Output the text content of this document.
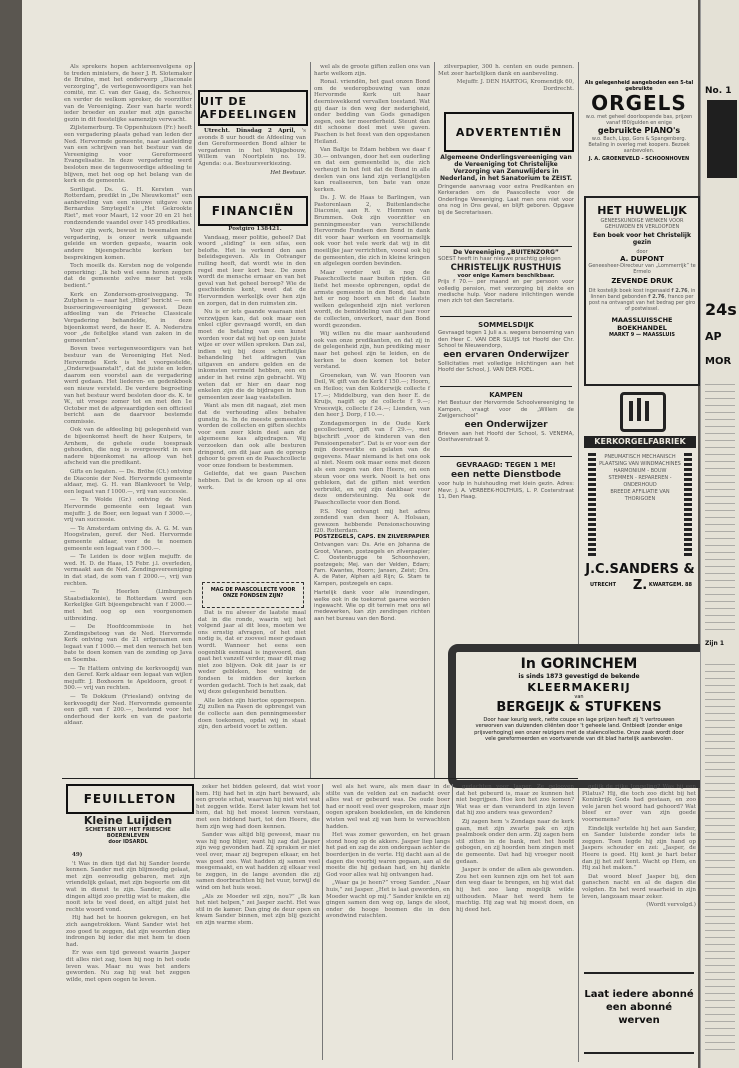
Als sprekers hopen achtereenvolgens op te treden ministers, de heer J. R. Slotemaker de Bruïne, met het onderwerp „Diaconale verzorging”, de vertegenwoordigers van het comité, mr. C. van der Gaag, ds. Scheeres, en verder de welkom spreker, de voorzitter van de Vereeniging. Zeer van harte wordt ieder broeder en zuster met zijn gansche gezin in dit feestelijke samenzijn verwacht.

Zijlstemerburg. Te Oppenhuizen (Fr.) heeft een vergadering plaats gehad van leden der Ned. Hervormde gemeente, naar aanleiding van een schrijven van het bestuur van de Vereeniging voor Gereformeerd Evangelisatie. In deze vergadering werd besloten mee de tegenwoordige afdeeling te blijven, met het oog op het belang van de kerk en de gemeente.

Soriligat. Ds. G. H. Kersten van Rotterdam, predikt in „De Nieuwkomst” een aanbeveling van een nieuwe uitgave van Bernardus Smytegelt's „Het Gekrookte Riet”, met voor Maart, 12 voor 20 en 21 het rondzendende vaandel over 145 predikaties.

Voor zijn werk, bewust in tweemalen met vergadering, is onzer werk uitgaande geleide en worden gepaste, waarin ook andere bijeengebrachte kerken ter besprekingen komen.

Toch moeilk ds. Kersten nog de volgende opmerking: „Ik heb wel eens horen zeggen dat de gemeente zelve meer het volk bedient.”

Kerk en Zondersom-groeiveggang. Te Zutphen is — naar het „Hbld” bericht — een busroeringsvereeniging geweest. Deze afdeeling van de Friesche Classicale Vergadering behandelde, in deze bijeenkomst werd, de heer E. A. Nederstra voor „de feitelijke stand van zaken in de gemeenten”.

Boven twee vertegenwoordigers van het bestuur van de Vereeniging Het Ned. Hervormde Kerk is het voorgestelde, „Onderwijsaanstalt”, dat de juiste en leden daarom een voorstel aan de vergadering werd gedaan. Het liederen- en gedenkboek een nieuw versteld. De verdere begroeting van het bestuur werd besloten door ds. K. te W., uit vroege zomer tot en met den 1e October met de afgevaardigden een officieel bericht aan de daarvoor bestemde commissie.

Ook van de afdeeling bij gelegenheid van de bijeenkomst heeft de heer Kuipers, te Arnhem, de gehele oude toespraak gehouden, die nog is overgewerkt in een nadere bijeenkomst na afloop van het afscheid van die predikant.

Gifts en legaten. — Ds. Bröhe (Ct.) ontving de Diaconie der Ned. Hervormde gemeente aldaar, mej. G. H. van Blankvoort te Velp, een legaat van f 1000.—, vrij van successie.

— Te Wolde (Gr.) ontving de Ned. Hervormde gemeente een legaat van mejuffr. J. de Boer, een legaat van f 3000.—, vrij van successie.

— Te Amsterdam ontving ds. A. G. M. van Hoogstraten, geref. der Ned. Hervormde gemeente aldaar, voor de te noemen gemeente een legaat van f 500.—.

— Te Leiden is door wijlen mejuffr. de wed. H. D. de Haas, 15 Febr. j.l. overleden, vermaakt aan de Ned. Zendingsvereeniging in dat stad, de som van f 2000.—, vrij van rechten.

— Te Heerlen (Limburgsch Staatsdiakonie), te Rotterdam werd een Kerkelijke Gift bijeengebracht van f 2000.— met het oog op een voorgenomen uitbreiding.

— De Hoofdcommissie in het Zendingsbetoog van de Ned. Hervormde Kerk ontving van de 21 erfgenamen een legaat van f 1000.— met den wensch het ten bate te doen komen van de zending op Java en Soemba.

— Te Hattem ontving de kerkvoogdij van den Geref. Kerk aldaar een legaat van wijlen mejuffr. J. Boxhoorn te Apeldoorn, groot f 500.— vrij van rechten.

— Te Dokkum (Friesland) ontving de kerkvoogdij der Ned. Hervormde gemeente een gift van f 200.—, bestemd voor het onderhoud der kerk en van de pastorie aldaar.

UIT DE AFDEELINGEN

Utrecht. Dinsdag 2 April, 's avonds 8 uur houdt de Afdeeling van den Gereformeerden Bond alhier te vergaderen in het Wijkgebouw, Willem van Noortplein no. 19. Agenda: o.a. Bestuursverkiezing.

Het Bestuur.

FINANCIËN

Postgiro 138421.

Vandaag, meer politie, geheel? Dat woord „sliding” is een sifas, een belofte. Het is verkend den aan beleidsgegeven. Als in Ootvanger ruiling heeft, dat wordt wie in den regel met leer kort bez. De zoon wordt de mensche ernaar en van het geval van het geheel beroep? Wie de geschiedenis kent, weet dat de Hervormden werkelijk over hen zijn en zorgen, dat in den ruimsten zin.

Nu is er iets gaande waaraan niet verzwijgen kan, dat ook maar een enkel cijfer gevraagd wordt, en dan moet de betaling van een kunst worden voor dat wij het op een juiste wijze er over willen spreken. Dan zal, indien wij bij deze schriftelijke behandeling het afdragen van uitgaven en andere gelden en de inkomsten vermeld hebben, een en ander in het reine zijn gebracht. Wij weten dat er hier en daar nog enkelen zijn die de bijdragen in hun gemeenten zeer laag vaststellen.

Want als men dit nagaat, ziet men dat de verhouding alles behalve gunstig is. In de meeste gemeenten worden de collecten en giften slechts voor een zeer klein deel aan de algemeene kas afgedragen. Wij verzoeken dan ook alle besturen dringend, om dit jaar aan de oproep gehoor te geven en de Paaschcollecte voor onze fondsen te bestemmen.

Geliefde, dat we gaan Paschen hebben. Dat is de kroon op al ons werk.

MAG DE PAASCOLLECTE VOOR ONZE FONDSEN ZIJN?

Dat is nu alweer de laatste maal dat in die ronde, waarin wij het volgend jaar al dit lees, moeten we ons ernstig afvragen, of het niet nodig is, dat er zooveel meer gedaan wordt. Wanneer het eens een oogenblik eenmaal is ingevoerd, dan gaat het vanzelf verder, maar dit mag niet zoo blijven. Ook dit jaar is er weder gebleken, hoe weinig de fondsen te midden der kerken worden gedacht. Toch is het zaak, dat wij deze gelegenheid benutten.

Alle leden zijn hiertoe opgeroepen. Zij zullen na Pasen de opbrengst van de collecte aan den penningmeester doen toekomen, opdat wij in staat zijn, den arbeid voort te zetten.

wel als de groote giften zullen ons van harte welkom zijn.

Ronal. vriendën, het gaat onzen Bond om de wederopbouwing van onze Hervormde Kerk uit haar deerniswekkend vervallen toestand. Wat gij daar is den weg der nederigheid, onder bedding van Gods genadigen zegen, ook ter meerderheid. Steunt dan dit schoone doel met uwe gaven. Paschen is het feest van den opgestanen Heiland.

Van Baltje te Edam hebben we daar f 30.— ontvangen, door het een ouderling en dat een gemeentelid is, die zich verheugt in het feit dat de Bond in alle deelen van ons land zijn verlanglijsten kan realiseeren, ten bate van onze kerken.

Ds. J. W. de Haas te Barlingen, van Pastorenlaan 2, Buitenlandsche Diaconie, aan R. v. Hemmen van Brummen. Ook zijn voorzitter en penningmeester van verschillende Hervormde Fondsen den Bond in dank dit voor haar werken en voornamelijk ook voor het vele werk dat wij in dit moeilijke jaar verrichtten, vooral ook bij de gemeenten, die zich in kleine kringen en afgelegen oorden bevinden.

Maar verder wil ik nog de Paaschcollecte naar buiten rijden. Gil liefst het meeste opbrengen, opdat de armste gemeente in den Bond, dat hun het er nog hoort en het de laatste welken gelegenheid zijn niet verloren wordt, de bemiddeling van dit jaar voor de collecten, onverkort, naar den Bond wordt gezonden.

Wij willen nu die maar aanhoudend ook van onze predikanten, en dat zij in de gelegenheid zijn, hun prediking meer naar het geheel zijn te leiden, en de kerken te doen komen tot beter verstand.

Groenekan, van W. van Hooren van Deil, W. gift van de Kerk f 150.—; Hoorn, en Heiloo; van den Kolderwijk collecte f 17.—; Middelburg, van den heer E. de Kruijs, nagift op de collecte f 9.—; Vreeswijk, collecte f 24.—; Lienden, van den heer J. Dorp, f 10.—.

Zondagsmorgen in de Oude Kerk gecollecteerd, gift van f 29.—, met bijschrift „voor de kinderen van den Pensioenpenster”. Dat is er voor een der mijn doorwerkte en gelaten van de gegevens. Maar niemand is het ons ook al niet. Neem ook maar eens met dezen als een zegen van den Heere, en een steun voor ons werk. Nooit is het ons gebleken, dat de giften niet werden verbruikt, en wij zijn dankbaar voor deze ondersteuning. Nu ook de Paaschcollecte voor den Bond.

P.S. Nog ontvangt mij het adres zendend van den heer A. Holsaan, gewezen hebbende Pensionschouwing f20. Rotterdam.

POSTZEGELS, CAPS. EN ZILVERPAPIER
Ontvangen van: Ds. Arie en Johanna de Groot, Vianen, postzegels en zilverpapier; C. Oostenbrugge te Schoonhoven, postzegels; Mej. van der Velden, Edam; Fam. Kwantes, Hoorn; Jansen, Zeist; Drs. A. de Pater, Alphen a/d Rijn; G. Stam te Kampen, postzegels en caps.
Hartelijk dank voor alle inzendingen, welke ook in de toekomst gaarne worden ingewacht. Wie op dit terrein met ons wil medewerken, kan zijn zendingen richten aan het bureau van den Bond.

zilverpapier, 300 h. centen en oude pennen. Met zeer hartelijken dank en aanbeveling.

Mejuffr. J. DEN HARTOG, Kromendijk 60, Dordrecht.

ADVERTENTIËN
Algemeene Onderlingsvereeniging van de Vereeniging tot Christelijke Verzorging van Zenuwlijders in Nederland, in het Sanatorium te ZEIST.
Dringende aanvraag voor extra Predikanten en Kerkeraden om de Paascollecte voor de Onderlinge Vereeniging. Laat men ons niet voor ons nog in Ons geval, en blijft geboren. Opgave bij de Secretarissen.
De Vereeniging „BUITENZORG”
SOEST heeft in haar nieuwe prachtig gelegen
CHRISTELIJK RUSTHUIS
voor enige Kamers beschikbaar.
Prijs f 70.— per maand en per persoon voor volledig pension, met verzorging bij ziekte en medische hulp. Voor nadere inlichtingen wende men zich tot den Secretaris.
SOMMELSDIJK
Gevraagd tegen 1 Juli a.s. wegens benoeming van den Heer C. VAN DER SLUIJS tot Hoofd der Chr. School te Nieuwendorp,
een ervaren Onderwijzer
Sollicitaties met volledige inlichtingen aan het Hoofd der School, J. VAN DER POEL.
KAMPEN
Het Bestuur der Hervormde Schoolvereeniging te Kampen, vraagt voor de „Willem de Zwijgerschool”
een Onderwijzer
Brieven aan het Hoofd der School, S. VENEMA, Oosthavenstraat 9.
GEVRAAGD: TEGEN 1 ME!
een nette Dienstbode
voor hulp in huishouding met klein gezin. Adres: Mevr. J. A. VERBEEK-HOLTHUIS, L. P. Costerstraat 11, Den Haag.
Als gelegenheid aangeboden een 5-tal gebruikte
ORGELS
w.o. met geheel doorloopende bas, prijzen vanaf f80/gulden en enige
gebruikte PIANO's
w.o. Bach, Lipp, Gors & Spangenberg. Betaling in overleg met koopers. Bezoek aanbevolen.
J. A. GROENEVELD - SCHOONHOVEN
HET HUWELIJK
GENEESKUNDIGE WENKEN VOOR GEHUWDEN EN VERLOOFDEN
Een boek voor het Christelijk gezin
door
A. DUPONT
Geneesheer-Directeur van „Lommerrijk” te Ermelo
ZEVENDE DRUK
Dit kostelijk boek kost ingenaaid f 2.76, in linnen band gebonden f 2.76, franco per post na ontvangst van het bedrag per giro of postwissel.
MAASSLUISSCHE BOEKHANDEL
MARKT 9 — MAASSLUIS
KERKORGELFABRIEK
PNEUMATISCH MECHANISCH
PLAATSING VAN WINDMACHINES
HARMONIUM - BOUW
STEMMEN - REPAREREN - ONDERHOUD
BREEDE AFFILIATIE VAN THORIGOEN
J.C.SANDERS & Z.
UTRECHT	KWARTGEM. 88
In GORINCHEM
is sinds 1873 gevestigd de bekende
KLEERMAKERIJ
van
BERGEIJK & STUFKENS
Door haar keurig werk, nette coupe en lage prijzen heeft zij 't vertrouwen verworven van duizenden cliënten door 't geheele land. Ontbiedt (zonder enige prijsverhoging) een onzer reizigers met de stalencollectie. Onze zaak wordt door vele gereformeerden en voortvarende van dit blad hartelijk aanbevolen.
FEUILLETON
Kleine Luijden
SCHETSEN UIT HET FRIESCHE BOERENLEVEN
door IDSARDL

49)

't Was in dien tijd dat hij Sander leerde kennen. Sander met zijn blijmoedig gelaat, met zijn eenvoudig gebaren, met zijn vriendelijk gelaat, met zijn begeerte om dit wat in dienst te zijn. Sander, die alle dingen altijd zoo prettig wist te maken, die nooit iets te veel deed, en altijd juist het rechte woord vond.

Hij had het te hooren gekregen, en het zich aangetrokken. Want Sander wist het zoo goed te zeggen, dat zijn woorden diep indrongen bij ieder die met hem te doen had.

Er was een tijd geweest waarin Jasper dit alles niet zag, toen hij nog in het oude leven was. Maar nu was het anders geworden. Nu zag hij wat het zeggen wilde, met open oogen te leven.

zeker het bidden geleerd, dat wist voor hem. Hij had het in zijn hart bewaard, als een groote schat, waarvan hij niet wist wat het zeggen wilde. Eerst later kwam het tot hem, dat hij het moest leeren verstaan, met een biddend hart, tot den Heere, die hem zijn weg had doen kennen.

Sander was altijd blij geweest, maar nu was hij nog blijer, want hij zag dat Jasper zijn weg gevonden had. Zij spraken er niet veel over, maar zij begrepen elkaar, en het was goed zoo. Wat hadden zij samen veel meegemaakt, en wat hadden zij elkaar veel te zeggen, in de lange avonden die zij samen doorbrachten bij het vuur, terwijl de wind om het huis woei.

„Als ze Moeder wil zijn, nou?” „Ik kan het niet helpen,” zei Jasper zacht. Het was stil in de kamer. Dan ging de deur open en kwam Sander binnen, met zijn blij gezicht en zijn warme stem.

wel als het ware, als men daar in de stilte van de velden zat en nadacht over alles wat er gebeurd was. De oude boer had er nooit veel over gesproken, maar zijn oogen spraken boekdeelen, en de kinderen wisten wel wat zij van hem te verwachten hadden.

Het was zomer geworden, en het graan stond hoog op de akkers. Jasper liep langs het pad en zag de zon ondergaan achter de boerderijen in de verte. Hij dacht aan al de dagen die voorbij waren gegaan, aan al de moeite die hij gedaan had, en hij dankte God voor alles wat hij ontvangen had.

„Waar ga je heen?” vroeg Sander. „Naar huis,” zei Jasper. „Het is laat geworden, en Moeder wacht op mij.” Sander knikte en zij gingen samen den weg op, langs de sloot, onder de hooge boomen die in den avondwind ruischten.

gedachten voor Jasper. Ze gelooven dat het gebeurd is, maar ze kunnen het niet begrijpen. Hoe kon het zoo komen? Wat was er dan veranderd in zijn leven dat hij zoo anders was geworden?

Zij zagen hem 's Zondags naar de kerk gaan, met zijn zwarte pak en zijn psalmboek onder den arm. Zij zagen hem stil zitten in de bank, met het hoofd gebogen, en zij hoorden hem zingen met de gemeente. Dat had hij vroeger nooit gedaan.

Jasper is onder de allen als gewonden. Zou het een kunnen zijn om het tot aan den weg daar te brengen, en hij wist dat hij het zoo lang mogelijk wilde uithouden. Maar het werd hem te machtig. Hij zag wat hij moest doen, en hij deed het.

gelijk de rijke Jongeling? Was hij een Pilatus? Hij, die toch zoo dicht bij het Koninkrijk Gods had gestaan, en zoo vele jaren het woord had gehoord? Wat bleef er over van zijn goede voornemens?

Eindelijk vertelde hij het aan Sander, en Sander luisterde zonder iets te zeggen. Toen legde hij zijn hand op Jaspers schouder en zei: „Jasper, de Heere is goed. Hij kent je hart beter dan jij het zelf kent. Wacht op Hem, en Hij zal het maken.”

Dat woord bleef Jasper bij, den ganschen nacht en al de dagen die volgden. En het werd waarheid in zijn leven, langzaam maar zeker.

(Wordt vervolgd.)

Laat iedere abonné een abonné werven
No. 1
24s
AP
MOR
Zijn 1
